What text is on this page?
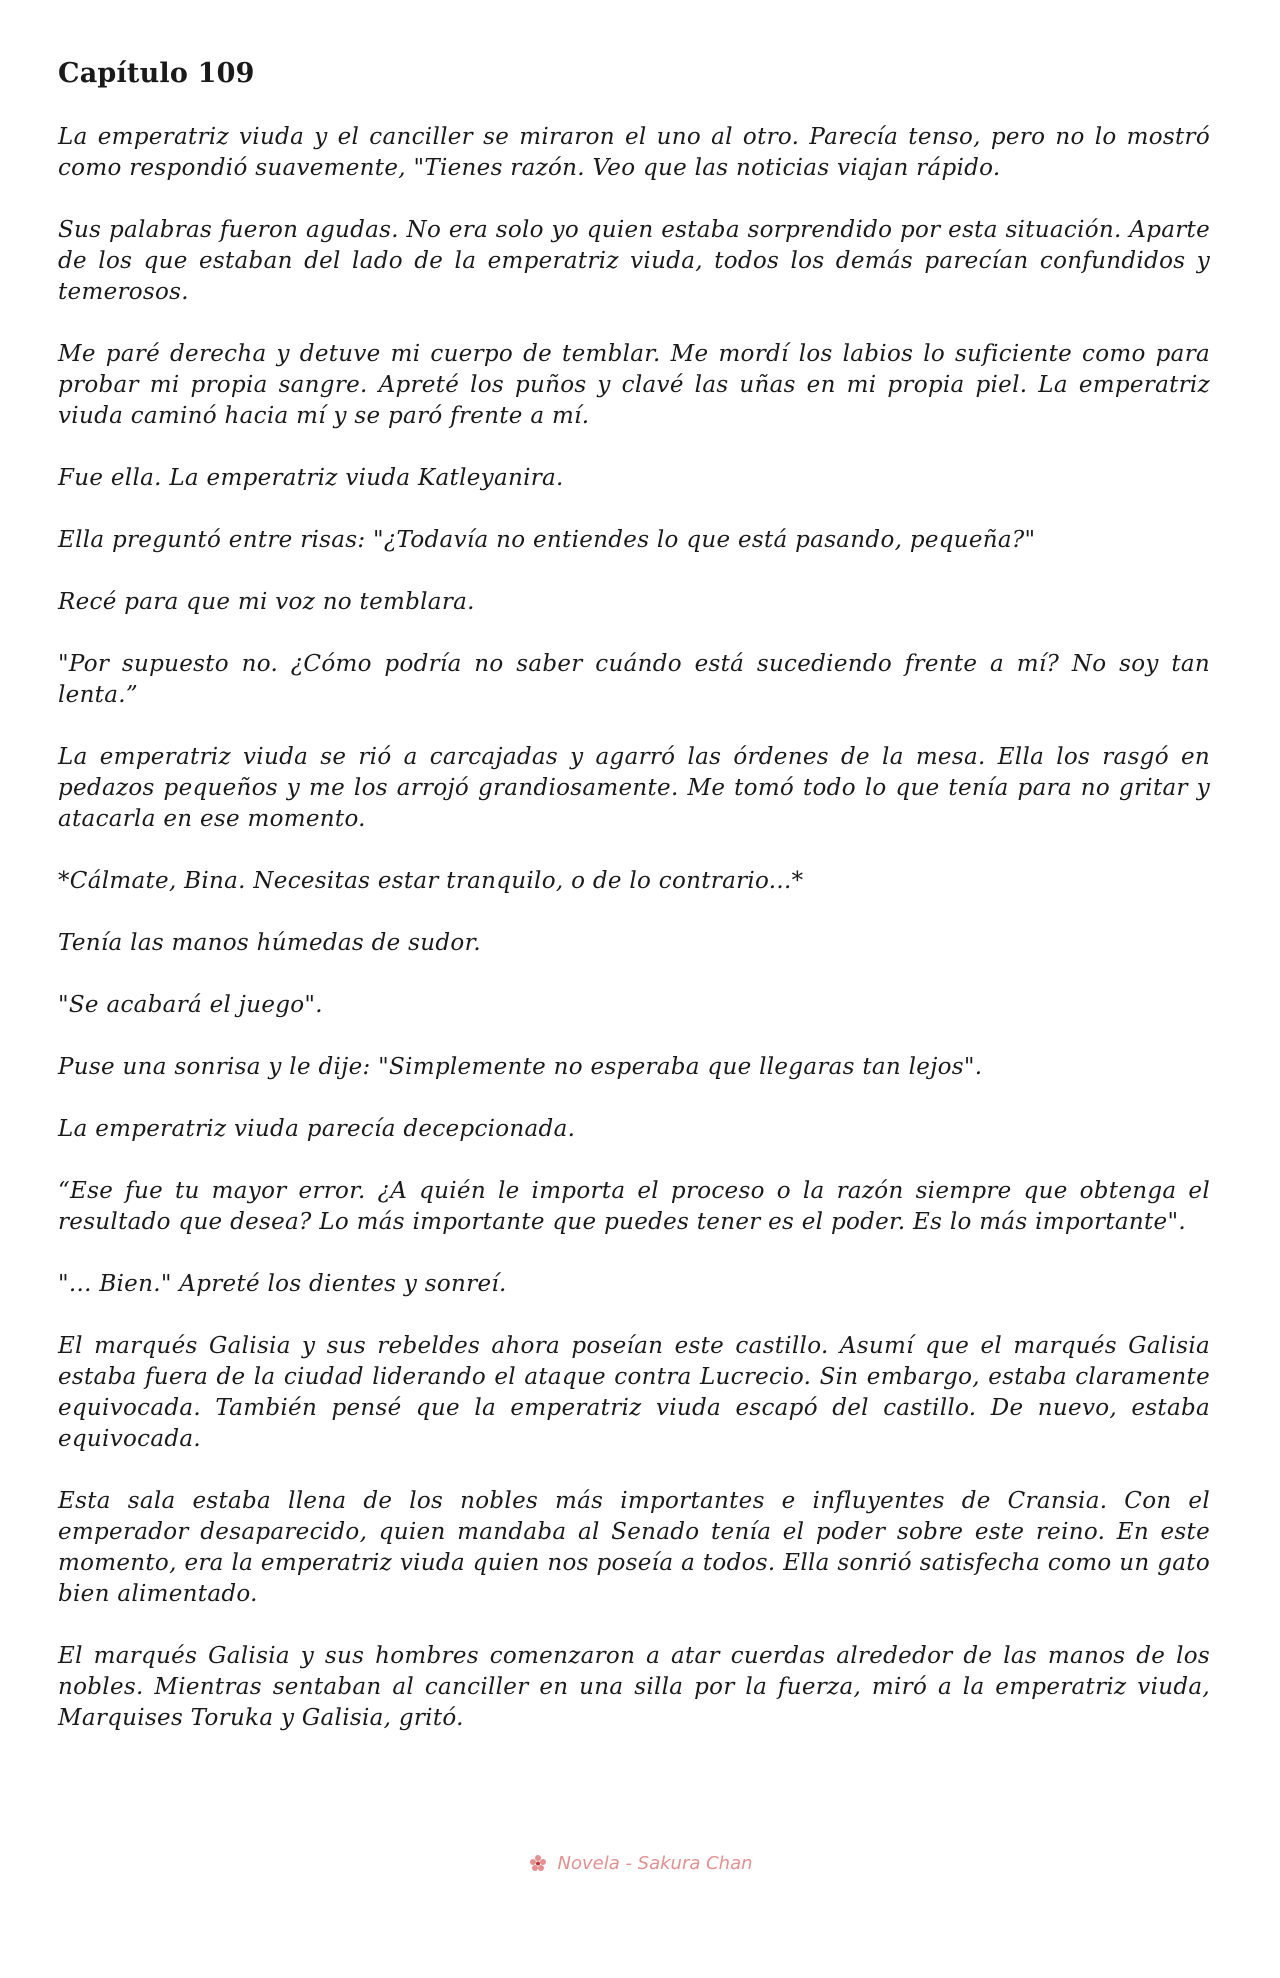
Capítulo 109

La emperatriz viuda y el canciller se miraron el uno al otro. Parecía tenso, pero no lo mostró como respondió suavemente, "Tienes razón. Veo que las noticias viajan rápido.

Sus palabras fueron agudas. No era solo yo quien estaba sorprendido por esta situación. Aparte de los que estaban del lado de la emperatriz viuda, todos los demás parecían confundidos y temerosos.

Me paré derecha y detuve mi cuerpo de temblar. Me mordí los labios lo suficiente como para probar mi propia sangre. Apreté los puños y clavé las uñas en mi propia piel. La emperatriz viuda caminó hacia mí y se paró frente a mí.

Fue ella. La emperatriz viuda Katleyanira.

Ella preguntó entre risas: "¿Todavía no entiendes lo que está pasando, pequeña?"

Recé para que mi voz no temblara.

"Por supuesto no. ¿Cómo podría no saber cuándo está sucediendo frente a mí? No soy tan lenta.”

La emperatriz viuda se rió a carcajadas y agarró las órdenes de la mesa. Ella los rasgó en pedazos pequeños y me los arrojó grandiosamente. Me tomó todo lo que tenía para no gritar y atacarla en ese momento.

*Cálmate, Bina. Necesitas estar tranquilo, o de lo contrario...*

Tenía las manos húmedas de sudor.

"Se acabará el juego".

Puse una sonrisa y le dije: "Simplemente no esperaba que llegaras tan lejos".

La emperatriz viuda parecía decepcionada.

“Ese fue tu mayor error. ¿A quién le importa el proceso o la razón siempre que obtenga el resultado que desea? Lo más importante que puedes tener es el poder. Es lo más importante".

"... Bien." Apreté los dientes y sonreí.

El marqués Galisia y sus rebeldes ahora poseían este castillo. Asumí que el marqués Galisia estaba fuera de la ciudad liderando el ataque contra Lucrecio. Sin embargo, estaba claramente equivocada. También pensé que la emperatriz viuda escapó del castillo. De nuevo, estaba equivocada.

Esta sala estaba llena de los nobles más importantes e influyentes de Cransia. Con el emperador desaparecido, quien mandaba al Senado tenía el poder sobre este reino. En este momento, era la emperatriz viuda quien nos poseía a todos. Ella sonrió satisfecha como un gato bien alimentado.

El marqués Galisia y sus hombres comenzaron a atar cuerdas alrededor de las manos de los nobles. Mientras sentaban al canciller en una silla por la fuerza, miró a la emperatriz viuda, Marquises Toruka y Galisia, gritó.

Novela - Sakura Chan
